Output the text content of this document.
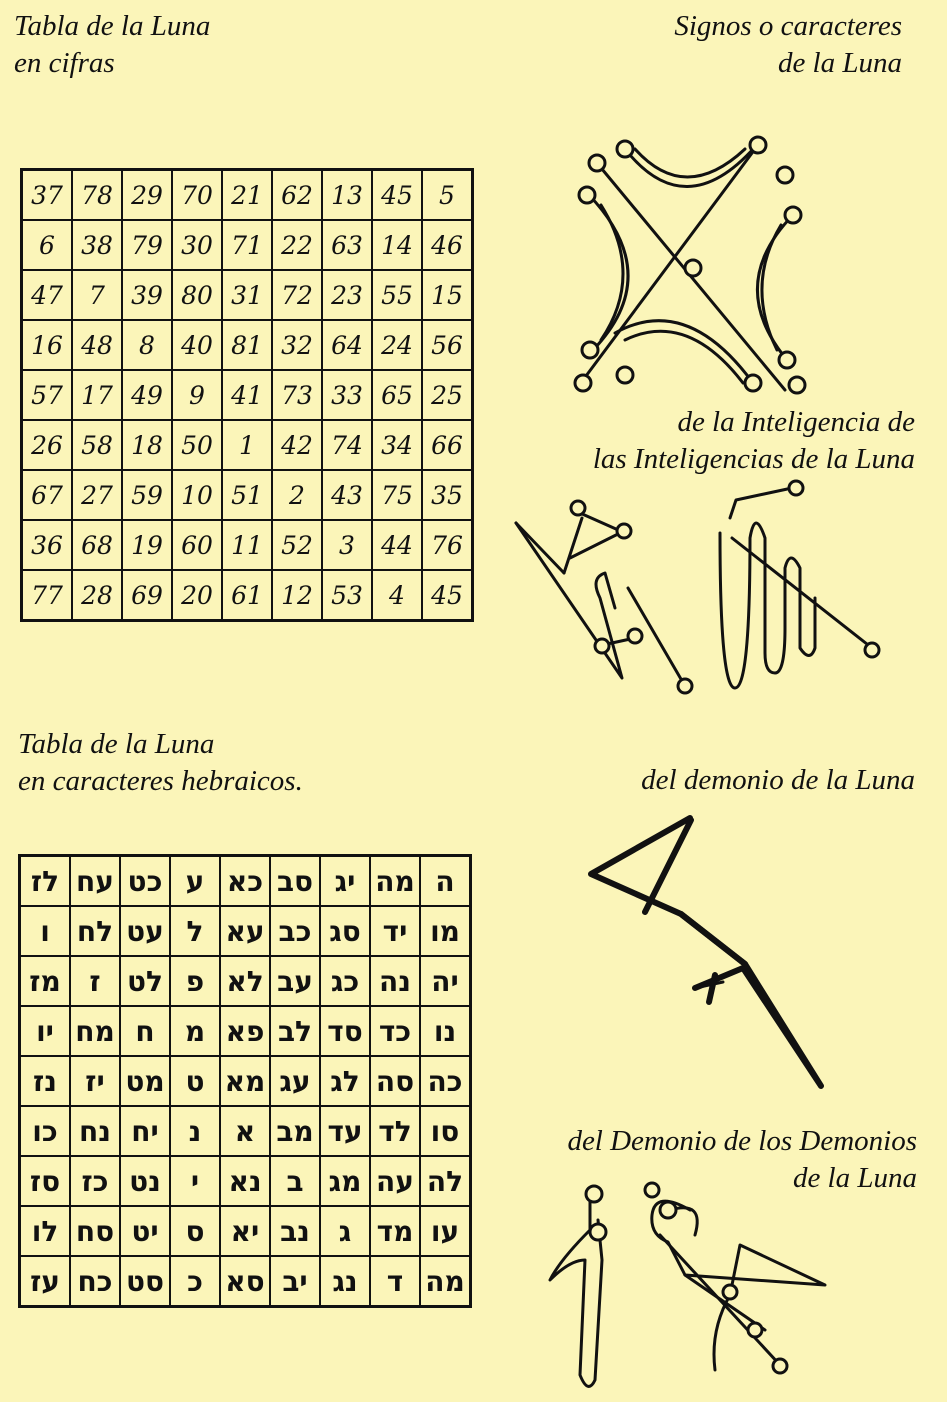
Tabla de la Luna
en cifras
Signos o caracteres
de la Luna
de la Inteligencia de
las Inteligencias de la Luna
Tabla de la Luna
en caracteres hebraicos.	del demonio de la Luna
del Demonio de los Demonios
de la Luna
37	78	29	70	21	62	13	45	5
6	38	79	30	71	22	63	14	46
47	7	39	80	31	72	23	55	15
16	48	8	40	81	32	64	24	56
57	17	49	9	41	73	33	65	25
26	58	18	50	1	42	74	34	66
67	27	59	10	51	2	43	75	35
36	68	19	60	11	52	3	44	76
77	28	69	20	61	12	53	4	45
לז	עח	כט	ע	כא	סב	יג	מה	ה
ו	לח	עט	ל	עא	כב	סג	יד	מו
מז	ז	לט	פ	לא	עב	כג	נה	יה
יו	מח	ח	מ	פא	לב	סד	כד	נו
נז	יז	מט	ט	מא	עג	לג	סה	כה
כו	נח	יח	נ	א	מב	עד	לד	סו
סז	כז	נט	י	נא	ב	מג	עה	לה
לו	סח	יט	ס	יא	נב	ג	מד	עו
עז	כח	סט	כ	סא	יב	נג	ד	מה
